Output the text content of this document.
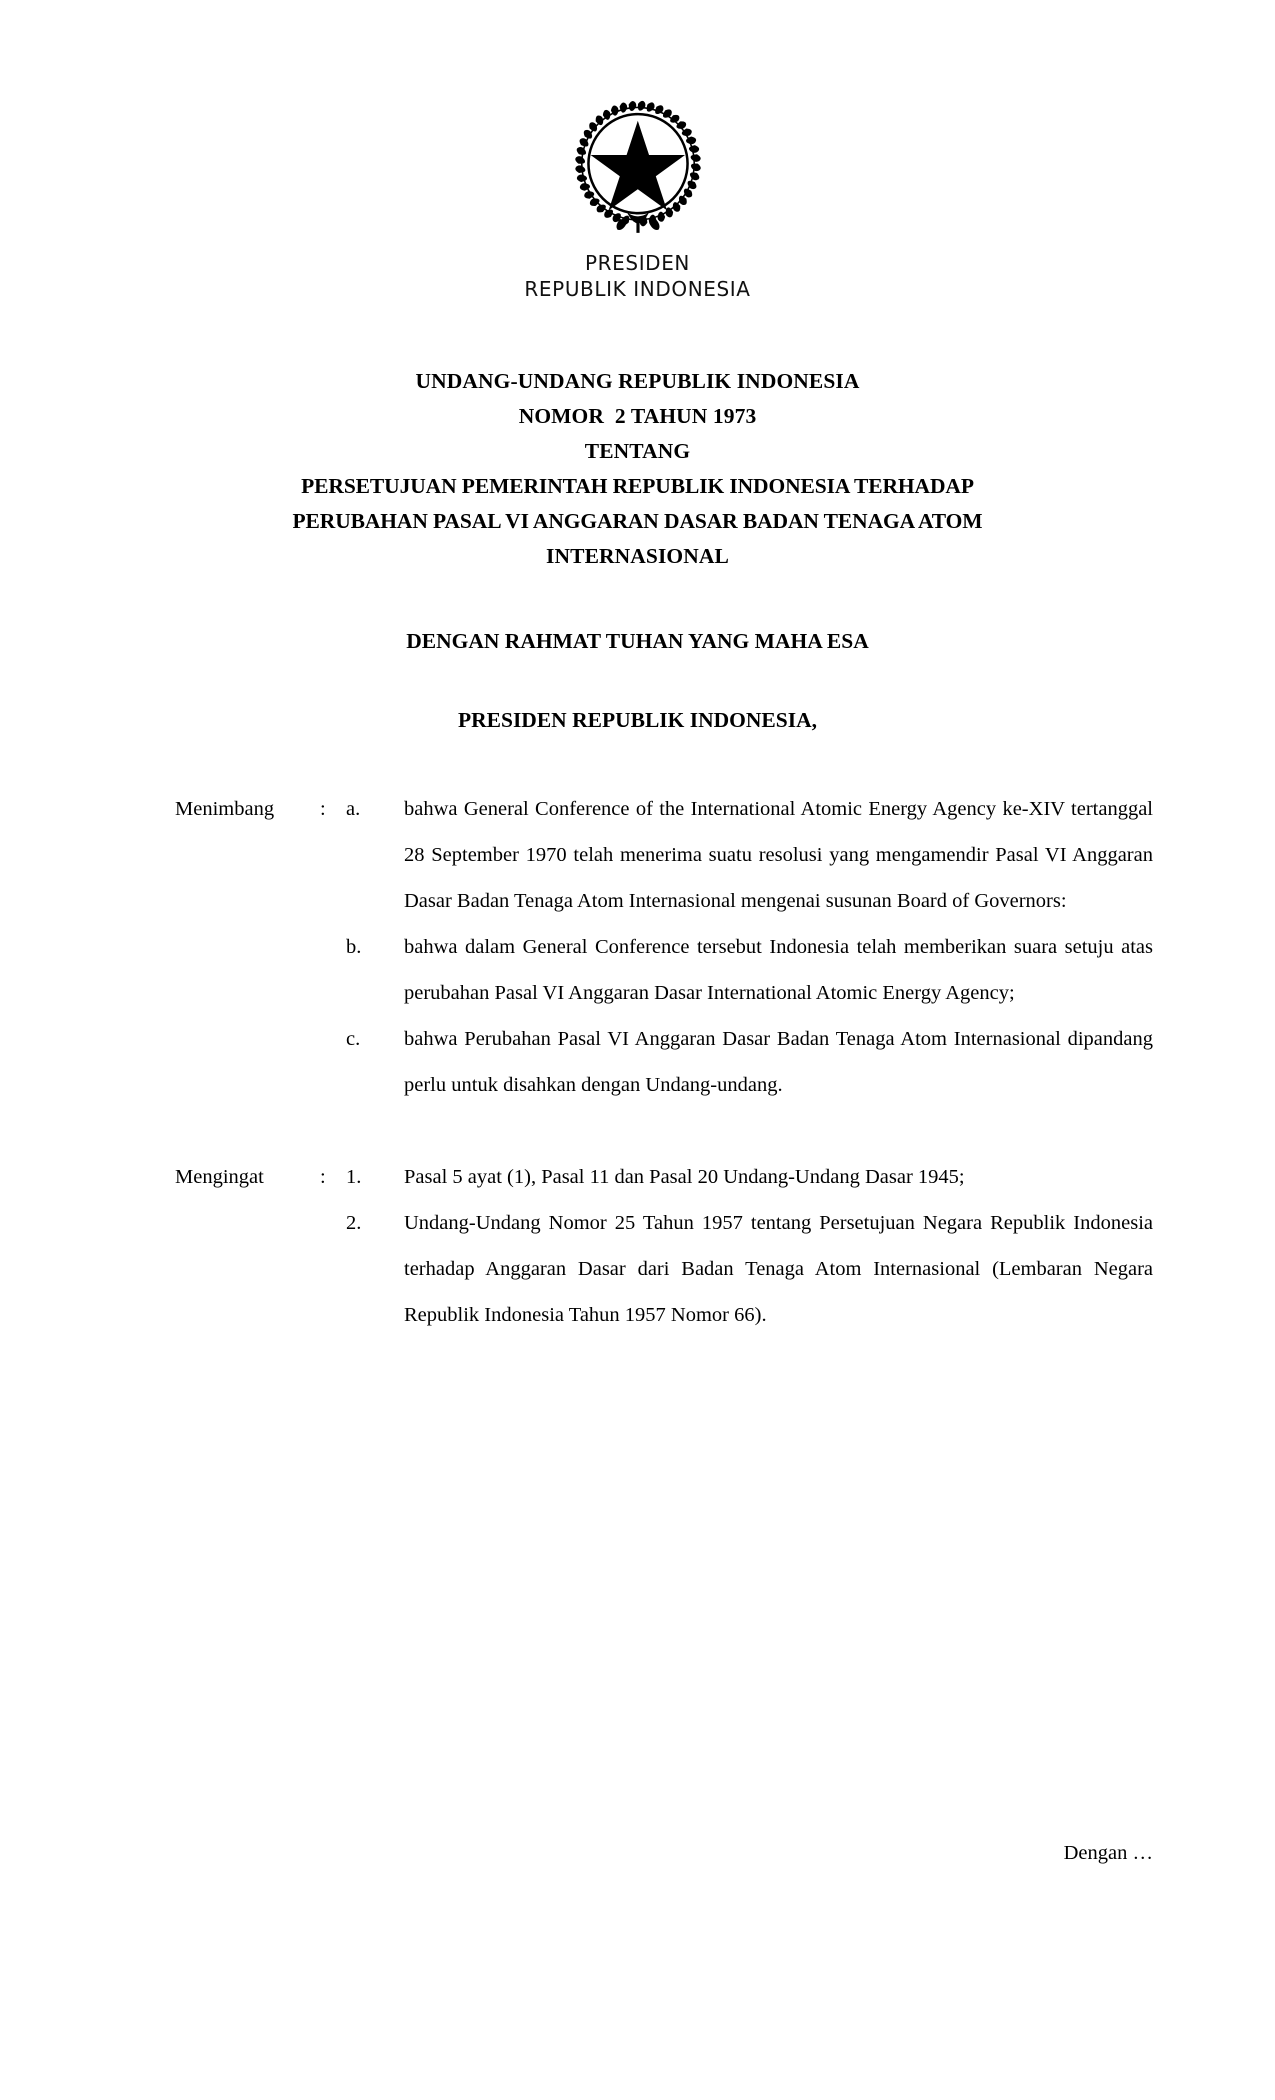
PRESIDEN
REPUBLIK INDONESIA
UNDANG-UNDANG REPUBLIK INDONESIA
NOMOR  2 TAHUN 1973
TENTANG
PERSETUJUAN PEMERINTAH REPUBLIK INDONESIA TERHADAP
PERUBAHAN PASAL VI ANGGARAN DASAR BADAN TENAGA ATOM
INTERNASIONAL
DENGAN RAHMAT TUHAN YANG MAHA ESA
PRESIDEN REPUBLIK INDONESIA,
Menimbang	: a.	bahwa General Conference of the International Atomic Energy Agency ke-XIV tertanggal 28 September 1970 telah menerima suatu resolusi yang mengamendir Pasal VI Anggaran Dasar Badan Tenaga Atom Internasional mengenai susunan Board of Governors:
b.	bahwa dalam General Conference tersebut Indonesia telah memberikan suara setuju atas perubahan Pasal VI Anggaran Dasar International Atomic Energy Agency;
c.	bahwa Perubahan Pasal VI Anggaran Dasar Badan Tenaga Atom Internasional dipandang perlu untuk disahkan dengan Undang-undang.
Mengingat	: 1.	Pasal 5 ayat (1), Pasal 11 dan Pasal 20 Undang-Undang Dasar 1945;
2.	Undang-Undang Nomor 25 Tahun 1957 tentang Persetujuan Negara Republik Indonesia terhadap Anggaran Dasar dari Badan Tenaga Atom Internasional (Lembaran Negara Republik Indonesia Tahun 1957 Nomor 66).
Dengan …
